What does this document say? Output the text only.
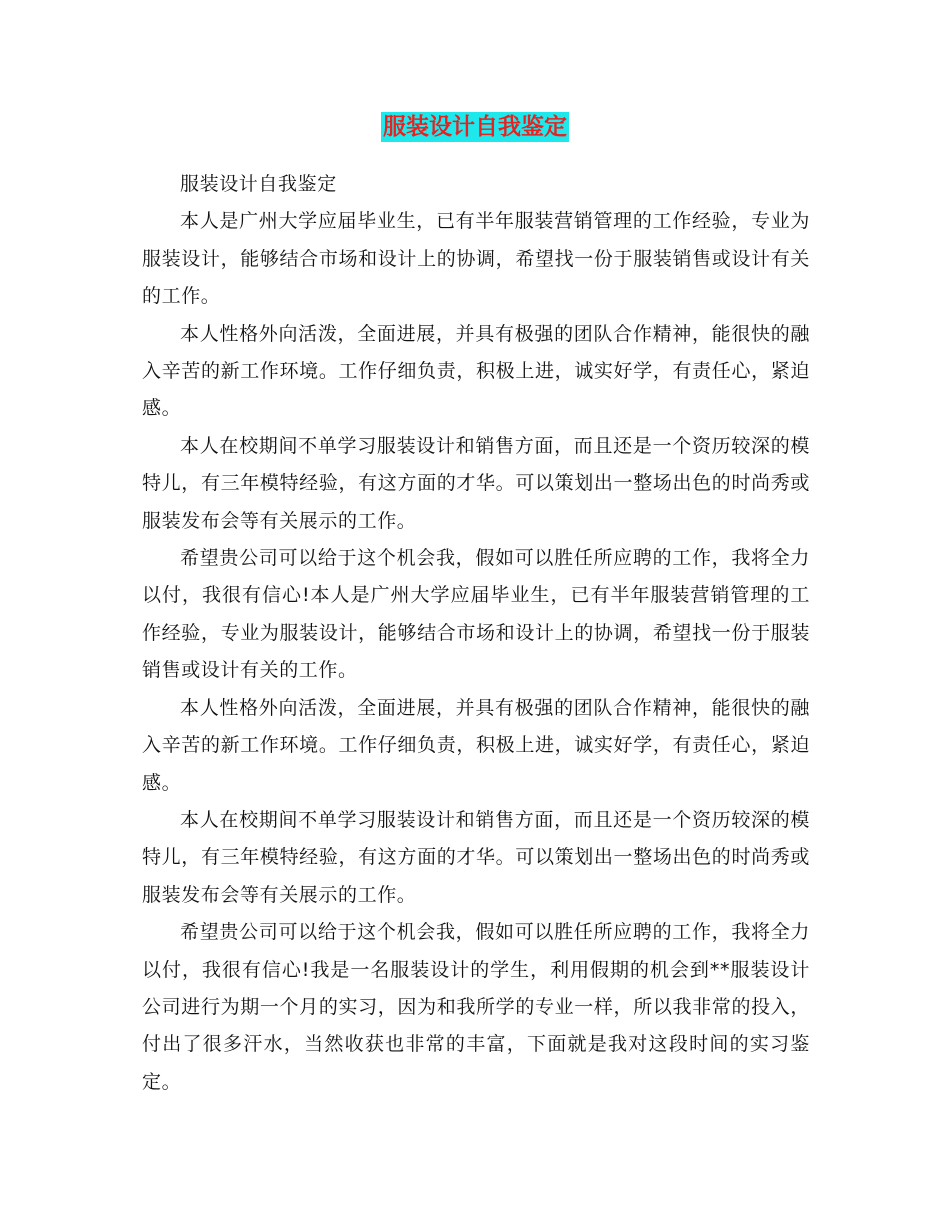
服装设计自我鉴定

服装设计自我鉴定

本人是广州大学应届毕业生，已有半年服装营销管理的工作经验，专业为服装设计，能够结合市场和设计上的协调，希望找一份于服装销售或设计有关的工作。

本人性格外向活泼，全面进展，并具有极强的团队合作精神，能很快的融入辛苦的新工作环境。工作仔细负责，积极上进，诚实好学，有责任心，紧迫感。

本人在校期间不单学习服装设计和销售方面，而且还是一个资历较深的模特儿，有三年模特经验，有这方面的才华。可以策划出一整场出色的时尚秀或服装发布会等有关展示的工作。

希望贵公司可以给于这个机会我，假如可以胜任所应聘的工作，我将全力以付，我很有信心!本人是广州大学应届毕业生，已有半年服装营销管理的工作经验，专业为服装设计，能够结合市场和设计上的协调，希望找一份于服装销售或设计有关的工作。

本人性格外向活泼，全面进展，并具有极强的团队合作精神，能很快的融入辛苦的新工作环境。工作仔细负责，积极上进，诚实好学，有责任心，紧迫感。

本人在校期间不单学习服装设计和销售方面，而且还是一个资历较深的模特儿，有三年模特经验，有这方面的才华。可以策划出一整场出色的时尚秀或服装发布会等有关展示的工作。

希望贵公司可以给于这个机会我，假如可以胜任所应聘的工作，我将全力以付，我很有信心!我是一名服装设计的学生，利用假期的机会到**服装设计公司进行为期一个月的实习，因为和我所学的专业一样，所以我非常的投入，付出了很多汗水，当然收获也非常的丰富，下面就是我对这段时间的实习鉴定。
